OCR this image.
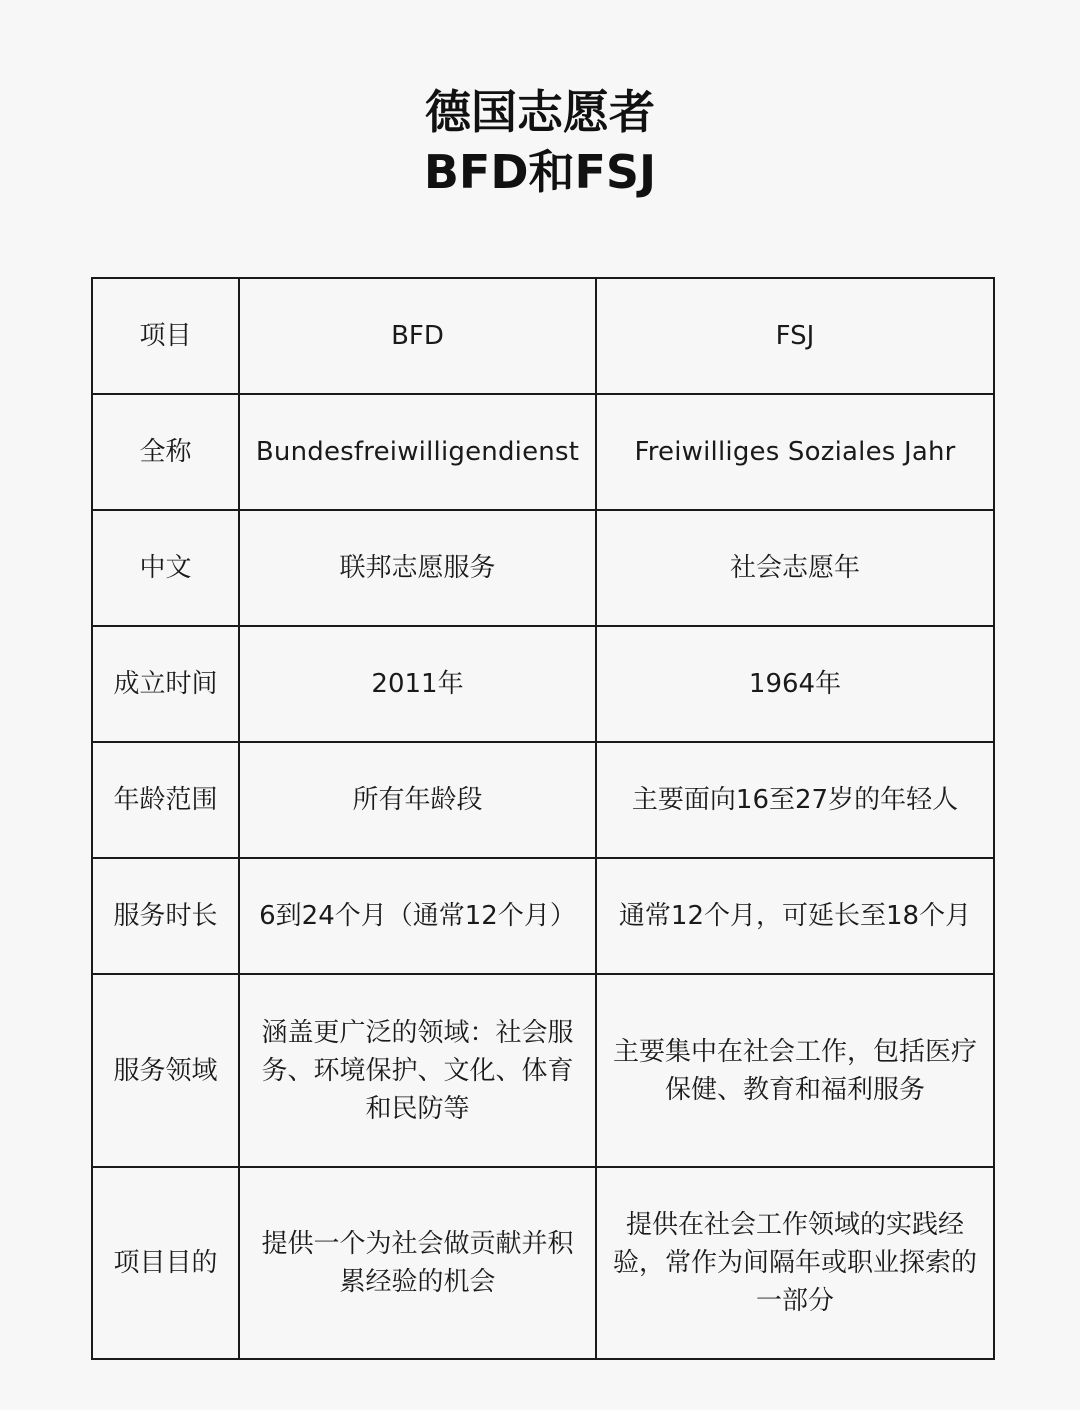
德国志愿者
BFD和FSJ
项目	BFD	FSJ
全称	Bundesfreiwilligendienst	Freiwilliges Soziales Jahr
中文	联邦志愿服务	社会志愿年
成立时间	2011年	1964年
年龄范围	所有年龄段	主要面向16至27岁的年轻人
服务时长	6到24个月（通常12个月）	通常12个月，可延长至18个月
服务领域	涵盖更广泛的领域：社会服务、环境保护、文化、体育和民防等	主要集中在社会工作，包括医疗保健、教育和福利服务
项目目的	提供一个为社会做贡献并积累经验的机会	提供在社会工作领域的实践经验，常作为间隔年或职业探索的一部分
